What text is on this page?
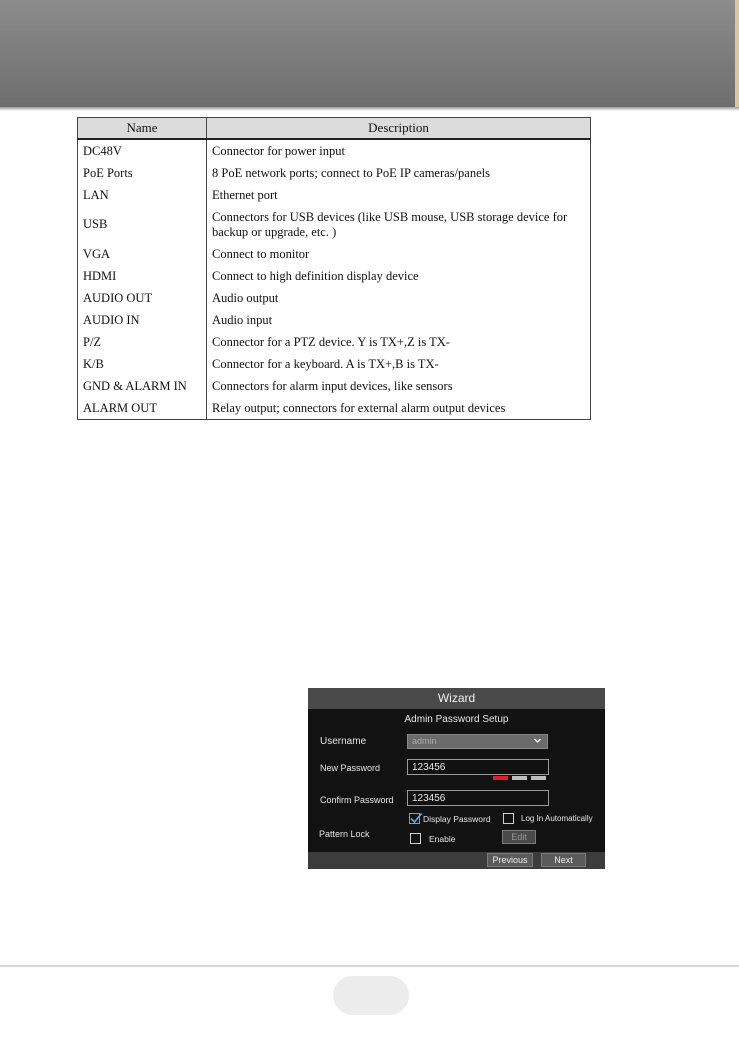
Name	Description
DC48V	Connector for power input
PoE Ports	8 PoE network ports; connect to PoE IP cameras/panels
LAN	Ethernet port
USB	Connectors for USB devices (like USB mouse, USB storage device for backup or upgrade, etc. )
VGA	Connect to monitor
HDMI	Connect to high definition display device
AUDIO OUT	Audio output
AUDIO IN	Audio input
P/Z	Connector for a PTZ device. Y is TX+,Z is TX-
K/B	Connector for a keyboard. A is TX+,B is TX-
GND & ALARM IN	Connectors for alarm input devices, like sensors
ALARM OUT	Relay output; connectors for external alarm output devices
Wizard
Admin Password Setup
Username	admin
New Password
123456
Confirm Password
123456
Display Password	Log In Automatically
Pattern Lock	Enable	Edit
Previous	Next
